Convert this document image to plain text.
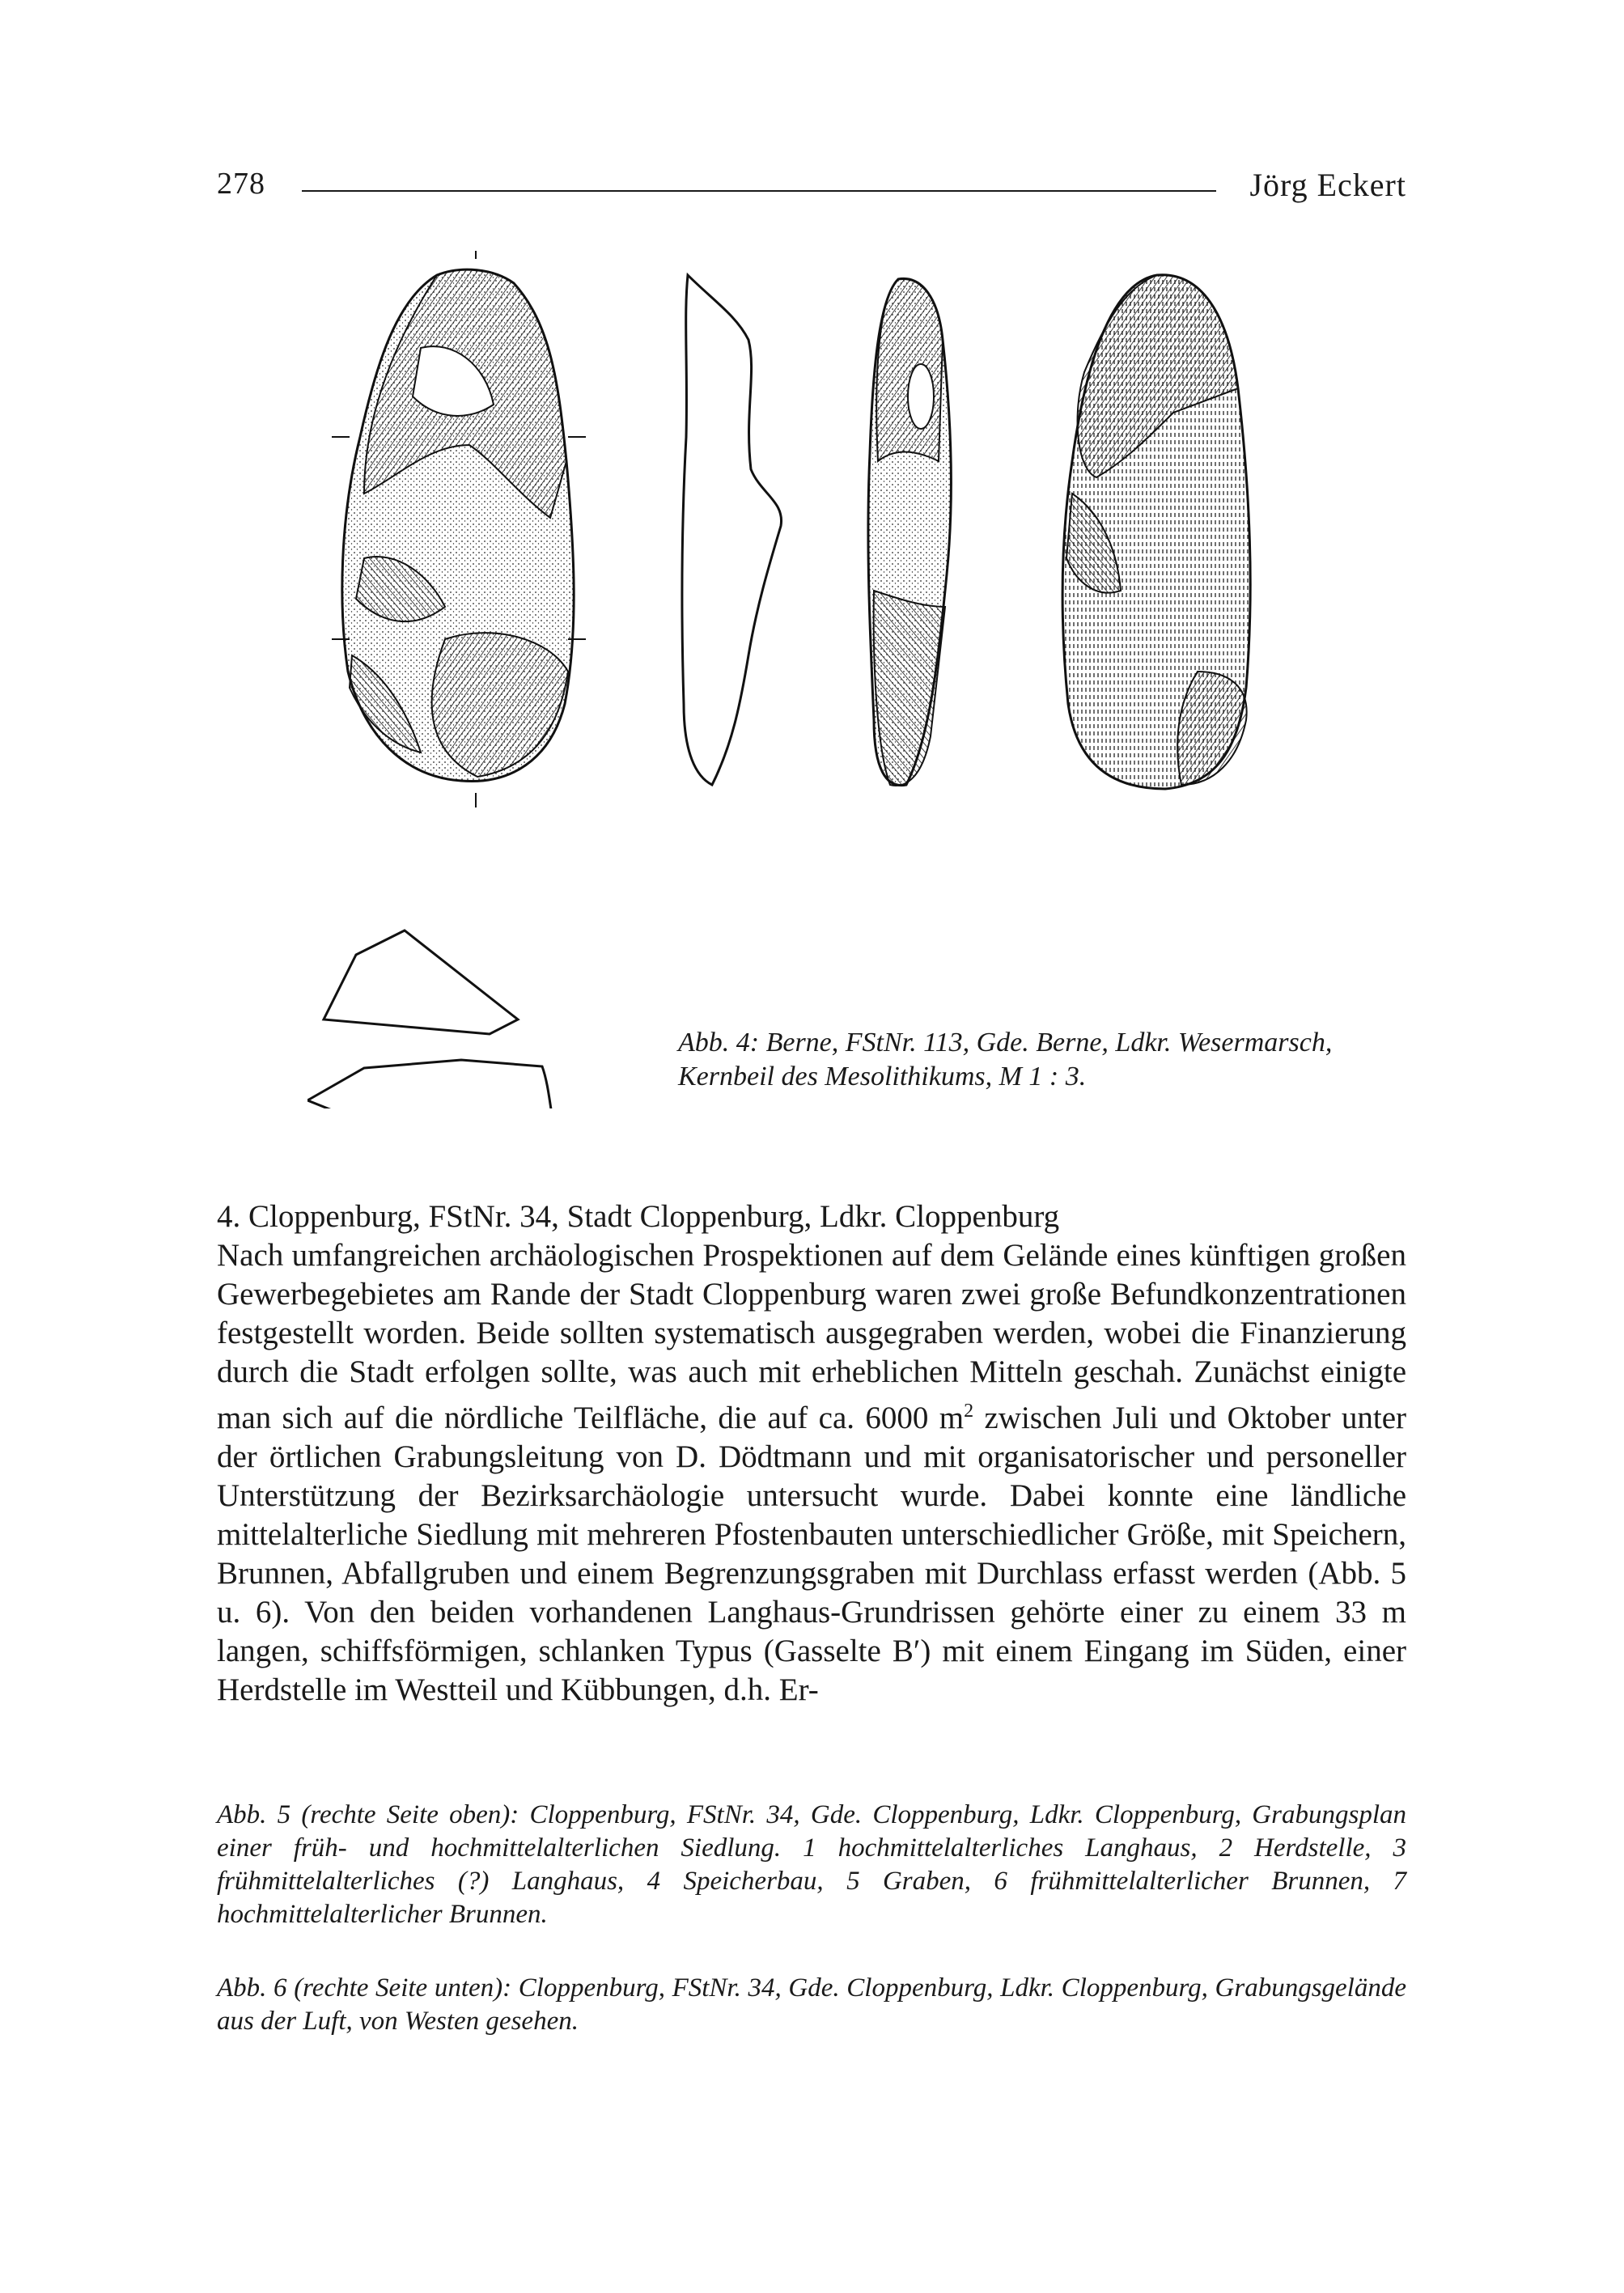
278	Jörg Eckert

Abb. 4: Berne, FStNr. 113, Gde. Berne, Ldkr. Wesermarsch,

Kernbeil des Mesolithikums, M 1 : 3.

4. Cloppenburg, FStNr. 34, Stadt Cloppenburg, Ldkr. Cloppenburg

Nach umfangreichen archäologischen Prospektionen auf dem Gelände eines künftigen großen Gewerbegebietes am Rande der Stadt Cloppenburg waren zwei große Befundkonzentrationen festgestellt worden. Beide sollten systematisch ausgegraben werden, wobei die Finanzierung durch die Stadt erfolgen sollte, was auch mit erheblichen Mitteln geschah. Zunächst einigte man sich auf die nördliche Teilfläche, die auf ca. 6000 $m^2$ zwischen Juli und Oktober unter der örtlichen Grabungsleitung von D. Dödtmann und mit organisatorischer und personeller Unterstützung der Bezirksarchäologie untersucht wurde. Dabei konnte eine ländliche mittelalterliche Siedlung mit mehreren Pfostenbauten unterschiedlicher Größe, mit Speichern, Brunnen, Abfallgruben und einem Begrenzungsgraben mit Durchlass erfasst werden (Abb. 5 u. 6). Von den beiden vorhandenen Langhaus-Grundrissen gehörte einer zu einem 33 m langen, schiffsförmigen, schlanken Typus (Gasselte B′) mit einem Eingang im Süden, einer Herdstelle im Westteil und Kübbungen, d.h. Er-

Abb. 5 (rechte Seite oben): Cloppenburg, FStNr. 34, Gde. Cloppenburg, Ldkr. Cloppenburg, Grabungsplan einer früh- und hochmittelalterlichen Siedlung. 1 hochmittelalterliches Langhaus, 2 Herdstelle, 3 frühmittelalterliches (?) Langhaus, 4 Speicherbau, 5 Graben, 6 frühmittelalterlicher Brunnen, 7 hochmittelalterlicher Brunnen.

Abb. 6 (rechte Seite unten): Cloppenburg, FStNr. 34, Gde. Cloppenburg, Ldkr. Cloppenburg, Grabungsgelände aus der Luft, von Westen gesehen.
